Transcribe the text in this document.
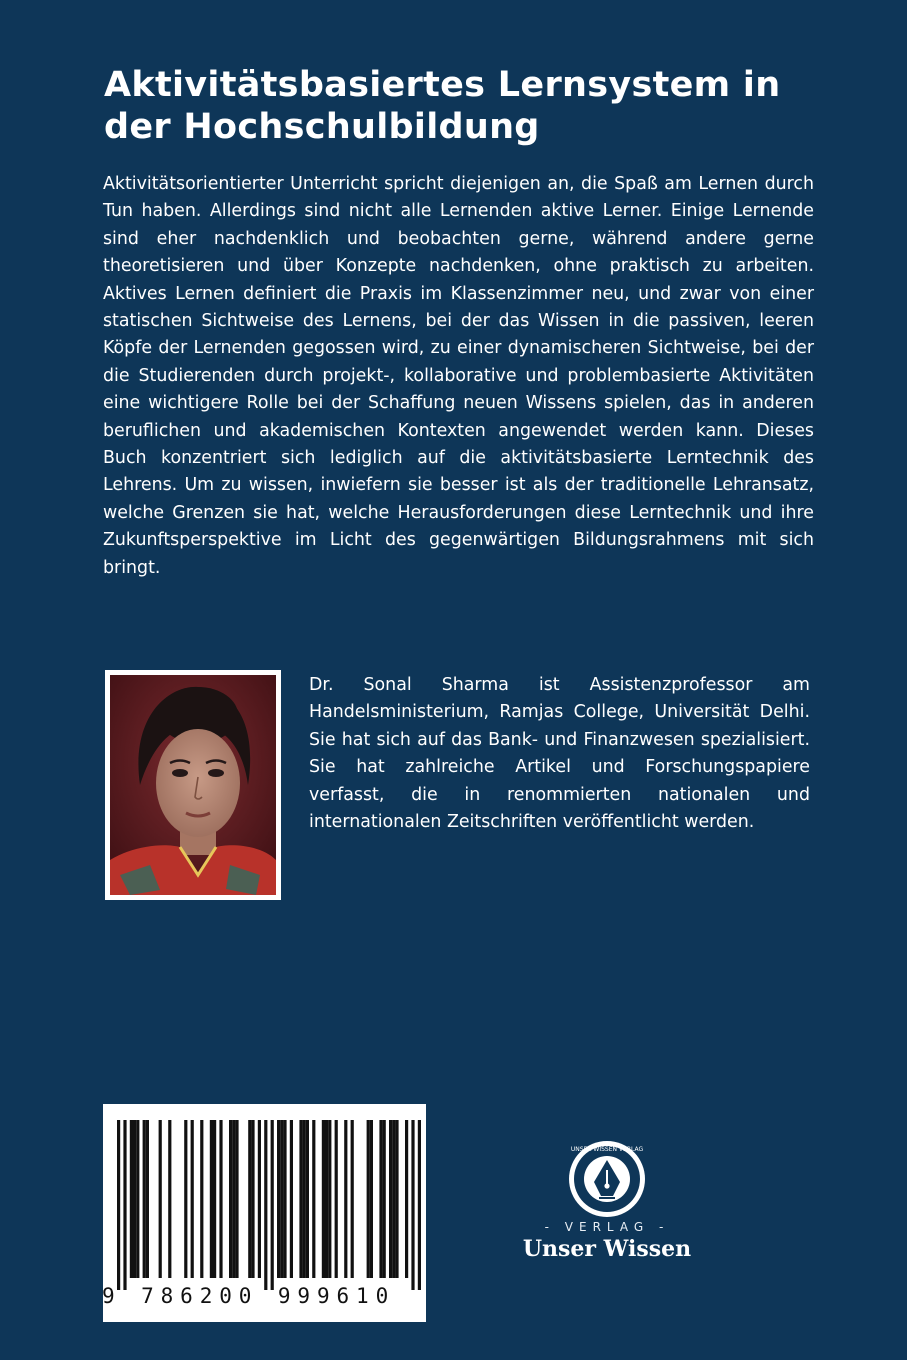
Aktivitätsbasiertes Lernsystem in der Hochschulbildung

Aktivitätsorientierter Unterricht spricht diejenigen an, die Spaß am Lernen durch Tun haben. Allerdings sind nicht alle Lernenden aktive Lerner. Einige Lernende sind eher nachdenklich und beobachten gerne, während andere gerne theoretisieren und über Konzepte nachdenken, ohne praktisch zu arbeiten. Aktives Lernen definiert die Praxis im Klassenzimmer neu, und zwar von einer statischen Sichtweise des Lernens, bei der das Wissen in die passiven, leeren Köpfe der Lernenden gegossen wird, zu einer dynamischeren Sichtweise, bei der die Studierenden durch projekt-, kollaborative und problembasierte Aktivitäten eine wichtigere Rolle bei der Schaffung neuen Wissens spielen, das in anderen beruflichen und akademischen Kontexten angewendet werden kann. Dieses Buch konzentriert sich lediglich auf die aktivitätsbasierte Lerntechnik des Lehrens. Um zu wissen, inwiefern sie besser ist als der traditionelle Lehransatz, welche Grenzen sie hat, welche Herausforderungen diese Lerntechnik und ihre Zukunftsperspektive im Licht des gegenwärtigen Bildungsrahmens mit sich bringt.

Dr. Sonal Sharma ist Assistenzprofessor am Handelsministerium, Ramjas College, Universität Delhi. Sie hat sich auf das Bank- und Finanzwesen spezialisiert. Sie hat zahlreiche Artikel und Forschungspapiere verfasst, die in renommierten nationalen und internationalen Zeitschriften veröffentlicht werden.

9 786200 999610
UNSER WISSEN VERLAG
- VERLAG -
Unser Wissen
